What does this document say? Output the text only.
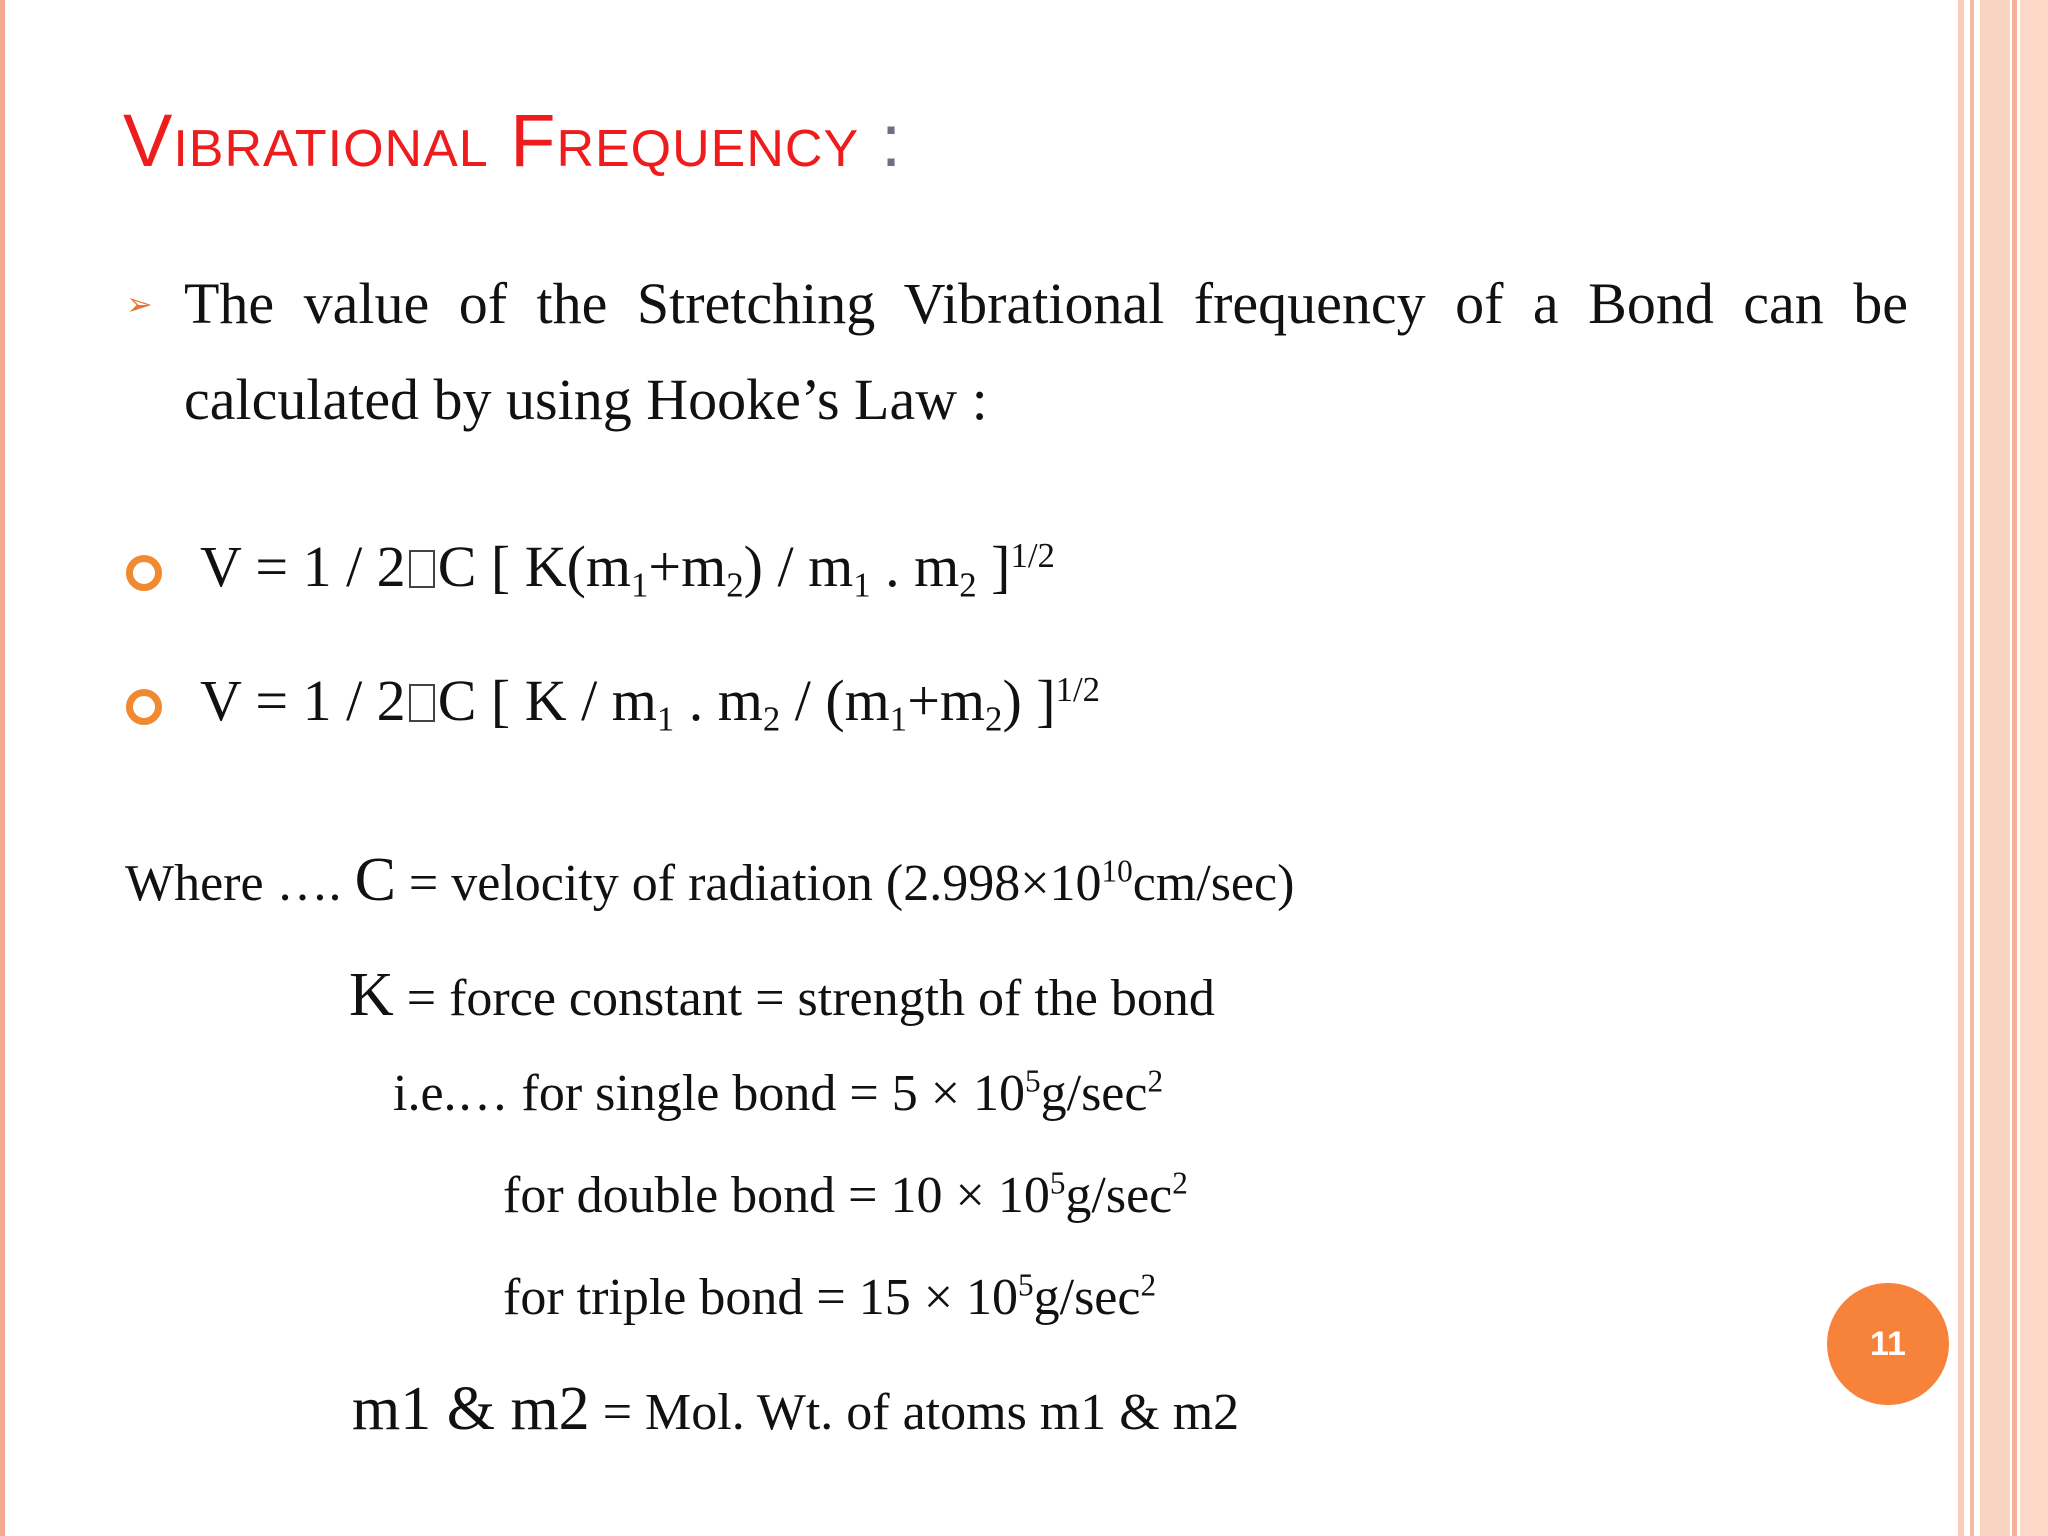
Vibrational Frequency :
➢ The value of the Stretching Vibrational frequency of a Bond can be calculated by using Hooke’s Law :
V = 1 / 2 C [ $K(m_1+m_2) / m_1$ . $m_2$ ]$^{1/2}$
V = 1 / 2 C [ K / $m_1$ . $m_2 / (m_1+m_2)$ ]$^{1/2}$
Where …. C = velocity of radiation $(2.998\times 10^{10}cm/\sec)$
K = force constant = strength of the bond
i.e.… for single bond = $5 \times 10^5g/\sec^2$
for double bond = $10 \times 10^5g/\sec^2$
for triple bond = $15 \times 10^5g/\sec^2$
m1 & m2 = Mol. Wt. of atoms m1 & m2
11
